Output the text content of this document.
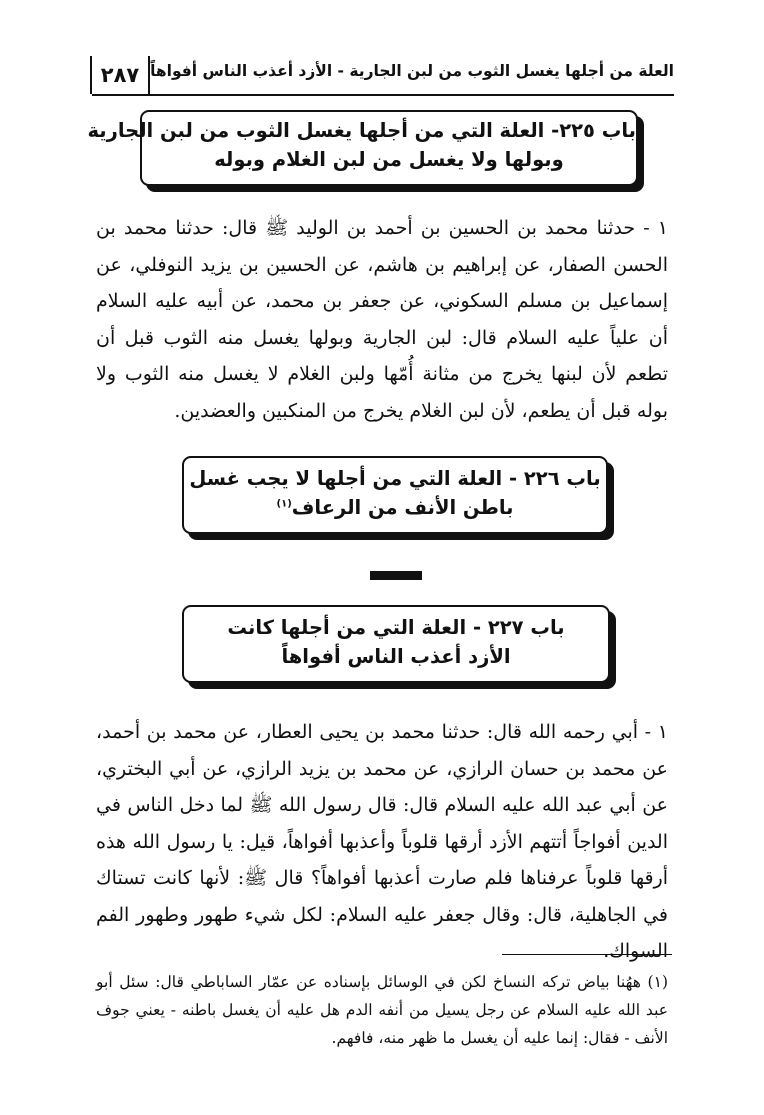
العلة من أجلها يغسل الثوب من لبن الجارية - الأزد أعذب الناس أفواهاً
٢٨٧
باب ٢٢٥- العلة التي من أجلها يغسل الثوب من لبن الجارية
وبولها ولا يغسل من لبن الغلام وبوله
١ - حدثنا محمد بن الحسين بن أحمد بن الوليد ﷺ قال: حدثنا محمد بن الحسن الصفار، عن إبراهيم بن هاشم، عن الحسين بن يزيد النوفلي، عن إسماعيل بن مسلم السكوني، عن جعفر بن محمد، عن أبيه عليه السلام أن علياً عليه السلام قال: لبن الجارية وبولها يغسل منه الثوب قبل أن تطعم لأن لبنها يخرج من مثانة أُمّها ولبن الغلام لا يغسل منه الثوب ولا بوله قبل أن يطعم، لأن لبن الغلام يخرج من المنكبين والعضدين.
باب ٢٢٦ - العلة التي من أجلها لا يجب غسل
باطن الأنف من الرعاف$^{(١)}$
باب ٢٢٧ - العلة التي من أجلها كانت
الأزد أعذب الناس أفواهاً
١ - أبي رحمه الله قال: حدثنا محمد بن يحيى العطار، عن محمد بن أحمد، عن محمد بن حسان الرازي، عن محمد بن يزيد الرازي، عن أبي البختري، عن أبي عبد الله عليه السلام قال: قال رسول الله ﷺ لما دخل الناس في الدين أفواجاً أتتهم الأزد أرقها قلوباً وأعذبها أفواهاً، قيل: يا رسول الله هذه أرقها قلوباً عرفناها فلم صارت أعذبها أفواهاً؟ قال ﷺ: لأنها كانت تستاك في الجاهلية، قال: وقال جعفر عليه السلام: لكل شيء طهور وطهور الفم السواك.
(١) ههُنا بياض تركه النساخ لكن في الوسائل بإسناده عن عمّار الساباطي قال: سئل أبو عبد الله عليه السلام عن رجل يسيل من أنفه الدم هل عليه أن يغسل باطنه - يعني جوف الأنف - فقال: إنما عليه أن يغسل ما ظهر منه، فافهم.
